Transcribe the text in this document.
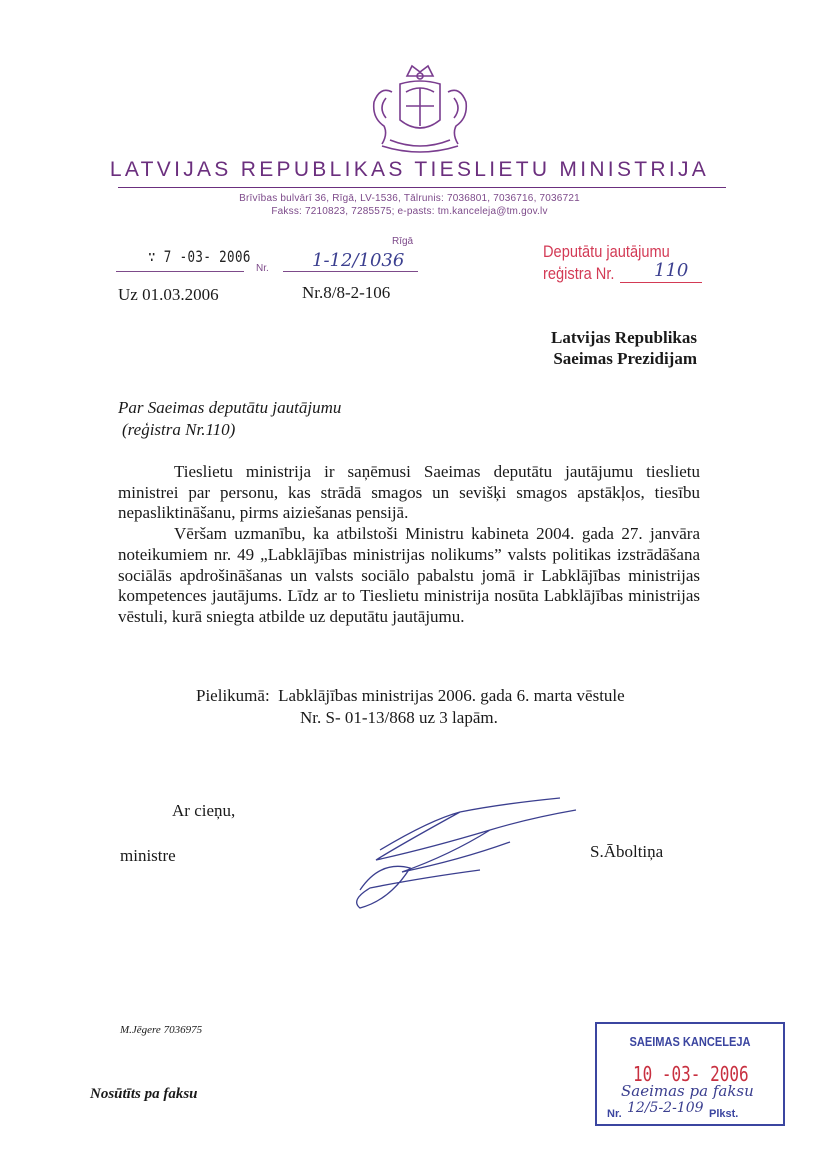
LATVIJAS REPUBLIKAS TIESLIETU MINISTRIJA
Brīvības bulvārī 36, Rīgā, LV-1536, Tālrunis: 7036801, 7036716, 7036721
Fakss: 7210823, 7285575; e-pasts: tm.kanceleja@tm.gov.lv
Rīgā
∵ 7 -03- 2006
Nr. 1-12/1036
Uz 01.03.2006	Nr.8/8-2-106
Deputātu jautājumu
reģistra Nr. 110
Latvijas Republikas
Saeimas Prezidijam
Par Saeimas deputātu jautājumu
(reģistra Nr.110)

Tieslietu ministrija ir saņēmusi Saeimas deputātu jautājumu tieslietu ministrei par personu, kas strādā smagos un sevišķi smagos apstākļos, tiesību nepasliktināšanu, pirms aiziešanas pensijā.

Vēršam uzmanību, ka atbilstoši Ministru kabineta 2004. gada 27. janvāra noteikumiem nr. 49 „Labklājības ministrijas nolikums” valsts politikas izstrādāšana sociālās apdrošināšanas un valsts sociālo pabalstu jomā ir Labklājības ministrijas kompetences jautājums. Līdz ar to Tieslietu ministrija nosūta Labklājības ministrijas vēstuli, kurā sniegta atbilde uz deputātu jautājumu.

Pielikumā:  Labklājības ministrijas 2006. gada 6. marta vēstule
Nr. S- 01-13/868 uz 3 lapām.
Ar cieņu,
ministre	S.Āboltiņa
M.Jēgere 7036975
Nosūtīts pa faksu
SAEIMAS KANCELEJA
10 -03- 2006
Saeimas pa faksu
Nr. 12/5-2-109 Plkst.
